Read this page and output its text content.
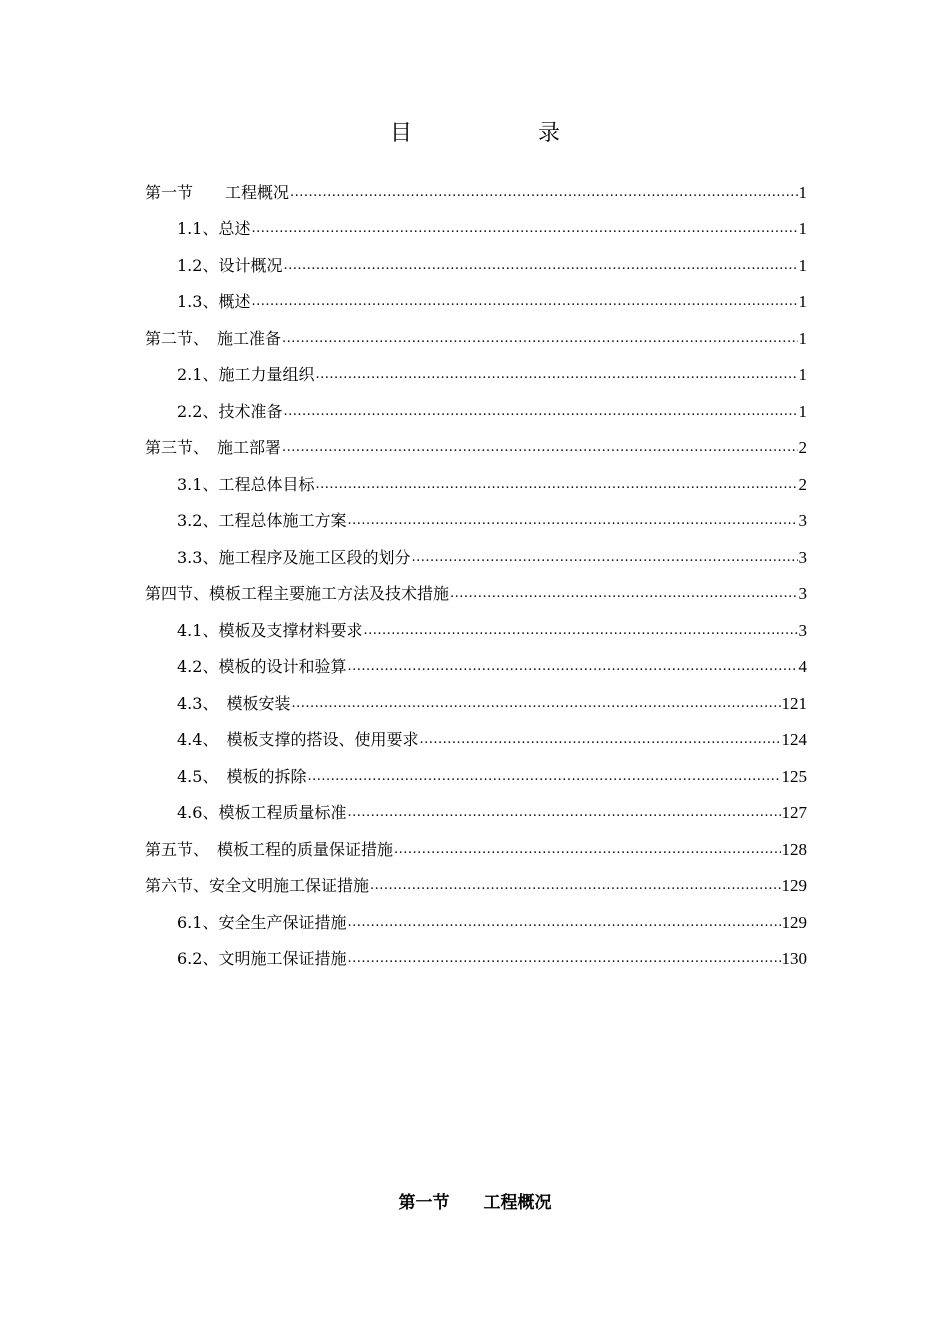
目　录
第一节　　工程概况 .....	1
1.1、总述 .....	1
1.2、设计概况 .....	1
1.3、概述 .....	1
第二节、　施工准备 .....	1
2.1、施工力量组织 .....	1
2.2、技术准备 .....	1
第三节、　施工部署 .....	2
3.1、工程总体目标 .....	2
3.2、工程总体施工方案 .....	3
3.3、施工程序及施工区段的划分 .....	3
第四节、模板工程主要施工方法及技术措施 .....	3
4.1、模板及支撑材料要求 .....	3
4.2、模板的设计和验算 .....	4
4.3、　模板安装 .....	121
4.4、　模板支撑的搭设、使用要求 .....	124
4.5、　模板的拆除 .....	125
4.6、模板工程质量标准 .....	127
第五节、　模板工程的质量保证措施 .....	128
第六节、安全文明施工保证措施 .....	129
6.1、安全生产保证措施 .....	129
6.2、文明施工保证措施 .....	130
第一节　　工程概况
